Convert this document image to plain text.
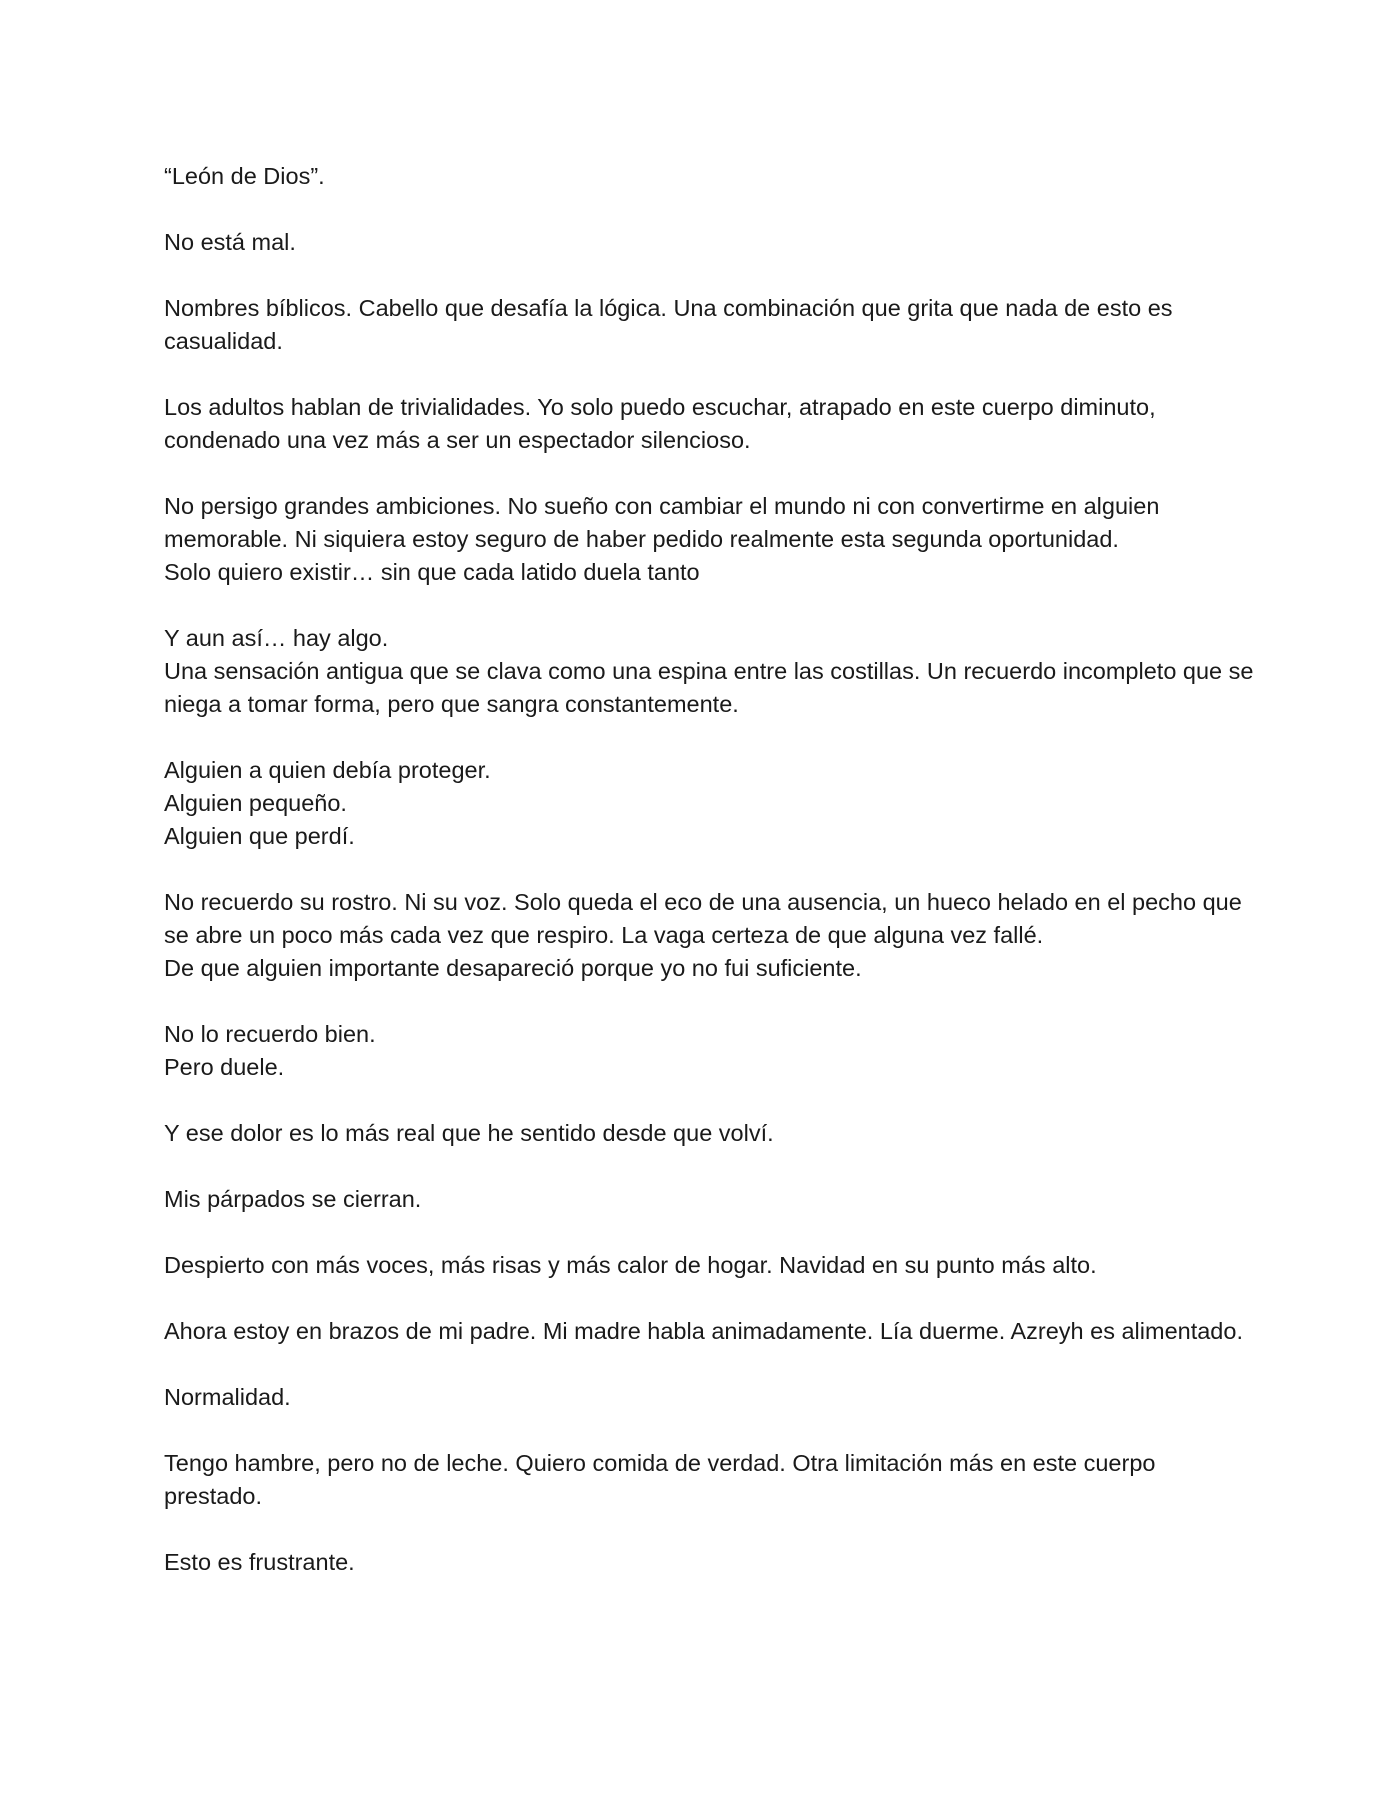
“León de Dios”.

No está mal.

Nombres bíblicos. Cabello que desafía la lógica. Una combinación que grita que nada de esto es casualidad.

Los adultos hablan de trivialidades. Yo solo puedo escuchar, atrapado en este cuerpo diminuto, condenado una vez más a ser un espectador silencioso.

No persigo grandes ambiciones. No sueño con cambiar el mundo ni con convertirme en alguien memorable. Ni siquiera estoy seguro de haber pedido realmente esta segunda oportunidad.
Solo quiero existir… sin que cada latido duela tanto

Y aun así… hay algo.
Una sensación antigua que se clava como una espina entre las costillas. Un recuerdo incompleto que se niega a tomar forma, pero que sangra constantemente.

Alguien a quien debía proteger.
Alguien pequeño.
Alguien que perdí.

No recuerdo su rostro. Ni su voz. Solo queda el eco de una ausencia, un hueco helado en el pecho que se abre un poco más cada vez que respiro. La vaga certeza de que alguna vez fallé.
De que alguien importante desapareció porque yo no fui suficiente.

No lo recuerdo bien.
Pero duele.

Y ese dolor es lo más real que he sentido desde que volví.

Mis párpados se cierran.

Despierto con más voces, más risas y más calor de hogar. Navidad en su punto más alto.

Ahora estoy en brazos de mi padre. Mi madre habla animadamente. Lía duerme. Azreyh es alimentado.

Normalidad.

Tengo hambre, pero no de leche. Quiero comida de verdad. Otra limitación más en este cuerpo prestado.

Esto es frustrante.
